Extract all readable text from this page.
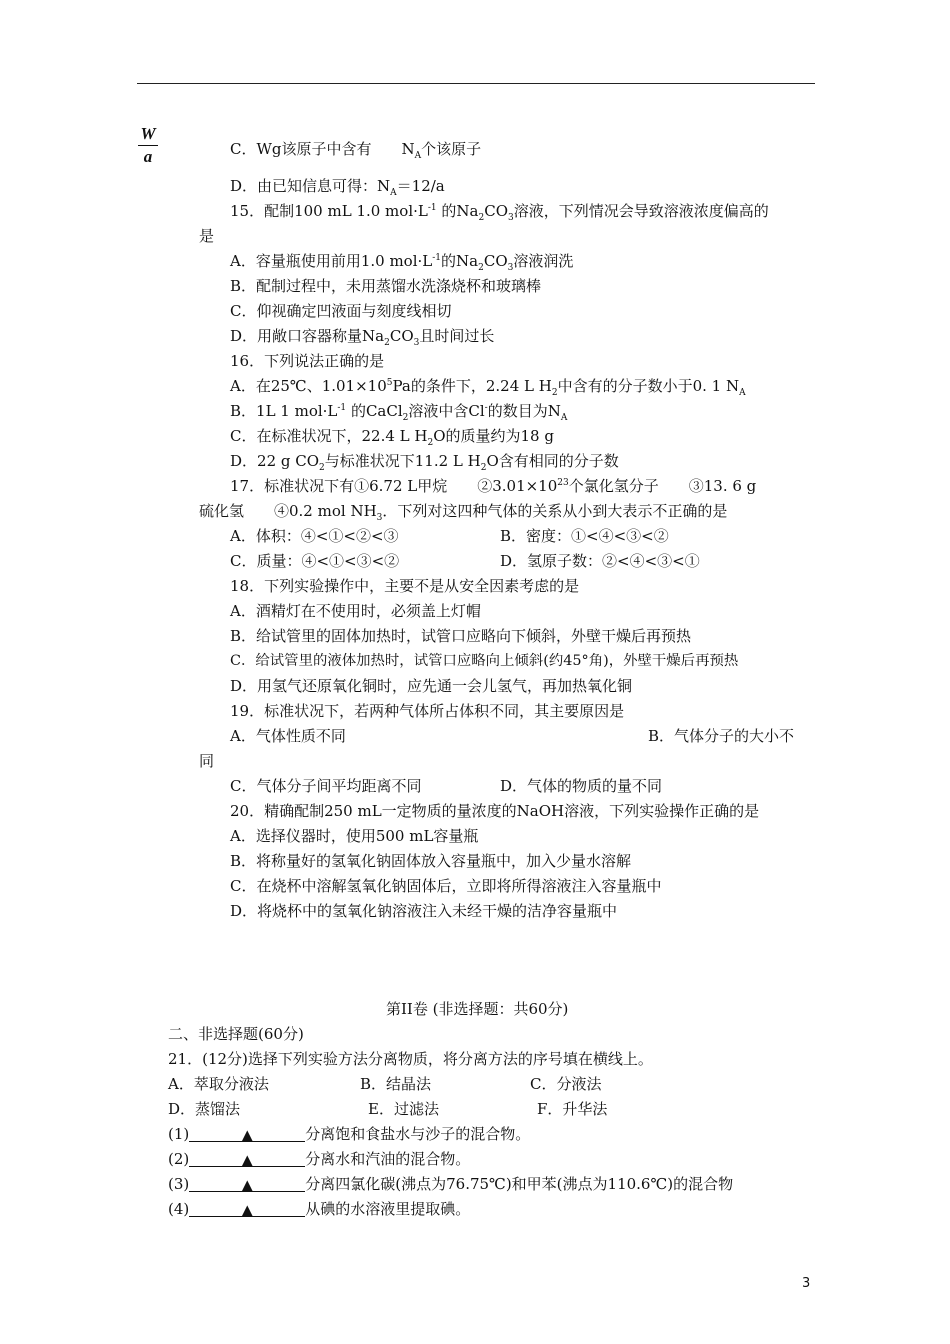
W
a	C．Wg该原子中含有　　$N_A$个该原子
D．由已知信息可得：$N_A=12/a$
15．配制100 mL 1.0 $mol\cdot L^{-1}$ 的$Na_2CO_3$溶液，下列情况会导致溶液浓度偏高的
是
A．容量瓶使用前用1.0 $mol\cdot L^{-1}$的$Na_2CO_3$溶液润洗
B．配制过程中，未用蒸馏水洗涤烧杯和玻璃棒
C．仰视确定凹液面与刻度线相切
D．用敞口容器称量$Na_2CO_3$且时间过长
16．下列说法正确的是
A．在25℃、$1.01\times 10^5Pa$的条件下，2.24 L $H_2$中含有的分子数小于0. 1 $N_A$
B．1L 1 $mol\cdot L^{-1}$ 的CaCl$_2$溶液中含Cl-的数目为$N_A$
C．在标准状况下，22.4 L $H_2O$的质量约为18 g
D．22 g $CO_2$与标准状况下11.2 L $H_2O$含有相同的分子数
17．标准状况下有①6.72 L甲烷　　$②3.01\times 10^{23}$个氯化氢分子　　③13. 6 g
硫化氢　　④0.2 mol $NH_3$．下列对这四种气体的关系从小到大表示不正确的是
A．体积：④<①<②<③	B．密度：①<④<③<②
C．质量：④<①<③<②	D．氢原子数：②<④<③<①
18．下列实验操作中，主要不是从安全因素考虑的是
A．酒精灯在不使用时，必须盖上灯帽
B．给试管里的固体加热时，试管口应略向下倾斜，外壁干燥后再预热
C．给试管里的液体加热时，试管口应略向上倾斜(约45°角)，外壁干燥后再预热
D．用氢气还原氧化铜时，应先通一会儿氢气，再加热氧化铜
19．标准状况下，若两种气体所占体积不同，其主要原因是
A．气体性质不同	B．气体分子的大小不
同
C．气体分子间平均距离不同	D．气体的物质的量不同
20．精确配制250 mL一定物质的量浓度的NaOH溶液，下列实验操作正确的是
A．选择仪器时，使用500 mL容量瓶
B．将称量好的氢氧化钠固体放入容量瓶中，加入少量水溶解
C．在烧杯中溶解氢氧化钠固体后，立即将所得溶液注入容量瓶中
D．将烧杯中的氢氧化钠溶液注入未经干燥的洁净容量瓶中
第II卷 (非选择题：共60分)
二、非选择题(60分)
21．(12分)选择下列实验方法分离物质，将分离方法的序号填在横线上。
A．萃取分液法	B．结晶法	C．分液法
D．蒸馏法	E．过滤法	F．升华法
(1)	▲	分离饱和食盐水与沙子的混合物。
(2)	▲	分离水和汽油的混合物。
(3)	▲	分离四氯化碳(沸点为76.75℃)和甲苯(沸点为110.6℃)的混合物
(4)	▲	从碘的水溶液里提取碘。
3
